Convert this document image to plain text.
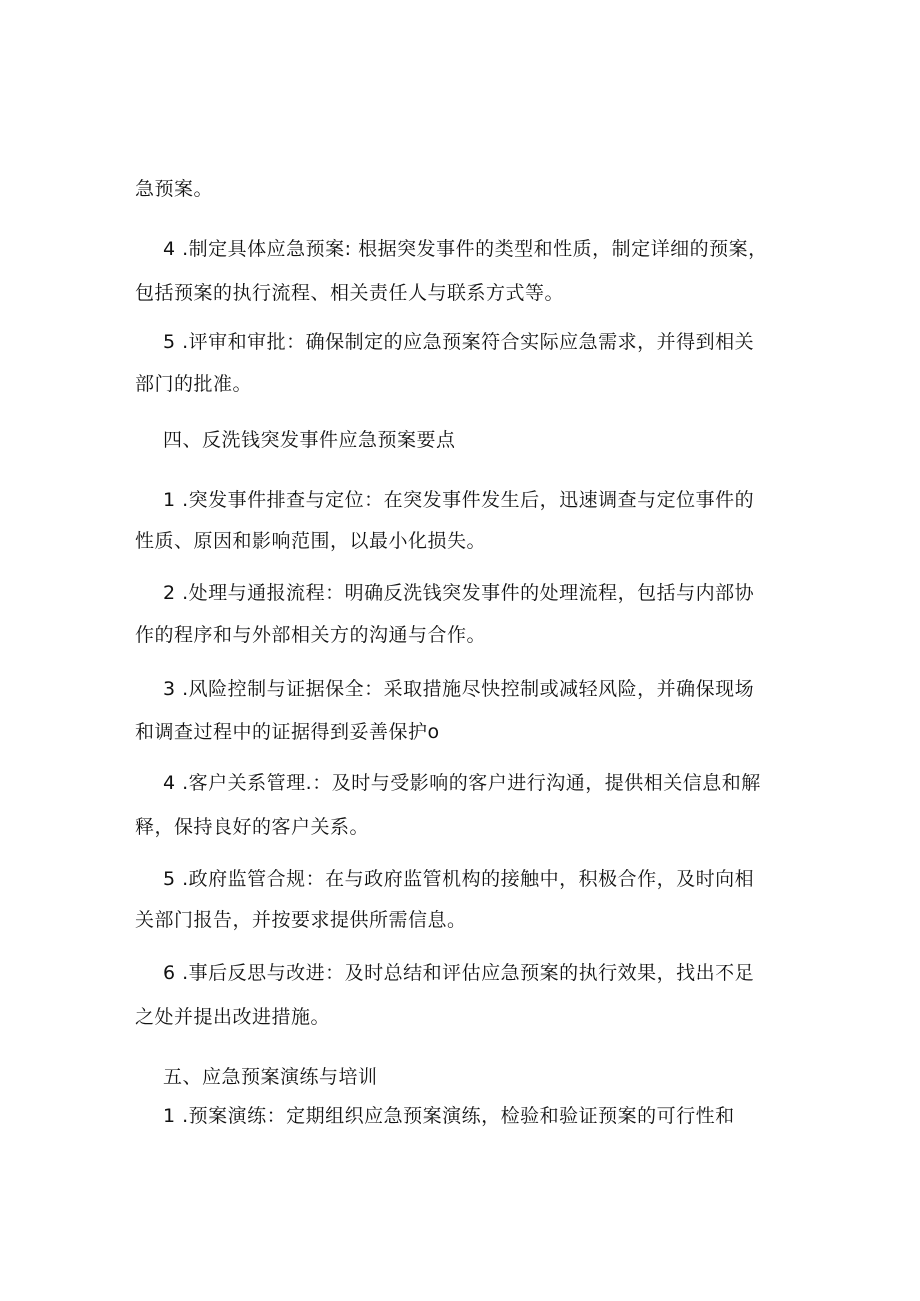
急预案。
4 .制定具体应急预案: 根据突发事件的类型和性质，制定详细的预案，
包括预案的执行流程、相关责任人与联系方式等。
5 .评审和审批：确保制定的应急预案符合实际应急需求，并得到相关
部门的批准。
四、反洗钱突发事件应急预案要点
1 .突发事件排查与定位：在突发事件发生后，迅速调查与定位事件的
性质、原因和影响范围，以最小化损失。
2 .处理与通报流程：明确反洗钱突发事件的处理流程，包括与内部协
作的程序和与外部相关方的沟通与合作。
3 .风险控制与证据保全：采取措施尽快控制或减轻风险，并确保现场
和调查过程中的证据得到妥善保护o
4 .客户关系管理.：及时与受影响的客户进行沟通，提供相关信息和解
释，保持良好的客户关系。
5 .政府监管合规：在与政府监管机构的接触中，积极合作，及时向相
关部门报告，并按要求提供所需信息。
6 .事后反思与改进：及时总结和评估应急预案的执行效果，找出不足
之处并提出改进措施。
五、应急预案演练与培训
1 .预案演练：定期组织应急预案演练，检验和验证预案的可行性和
